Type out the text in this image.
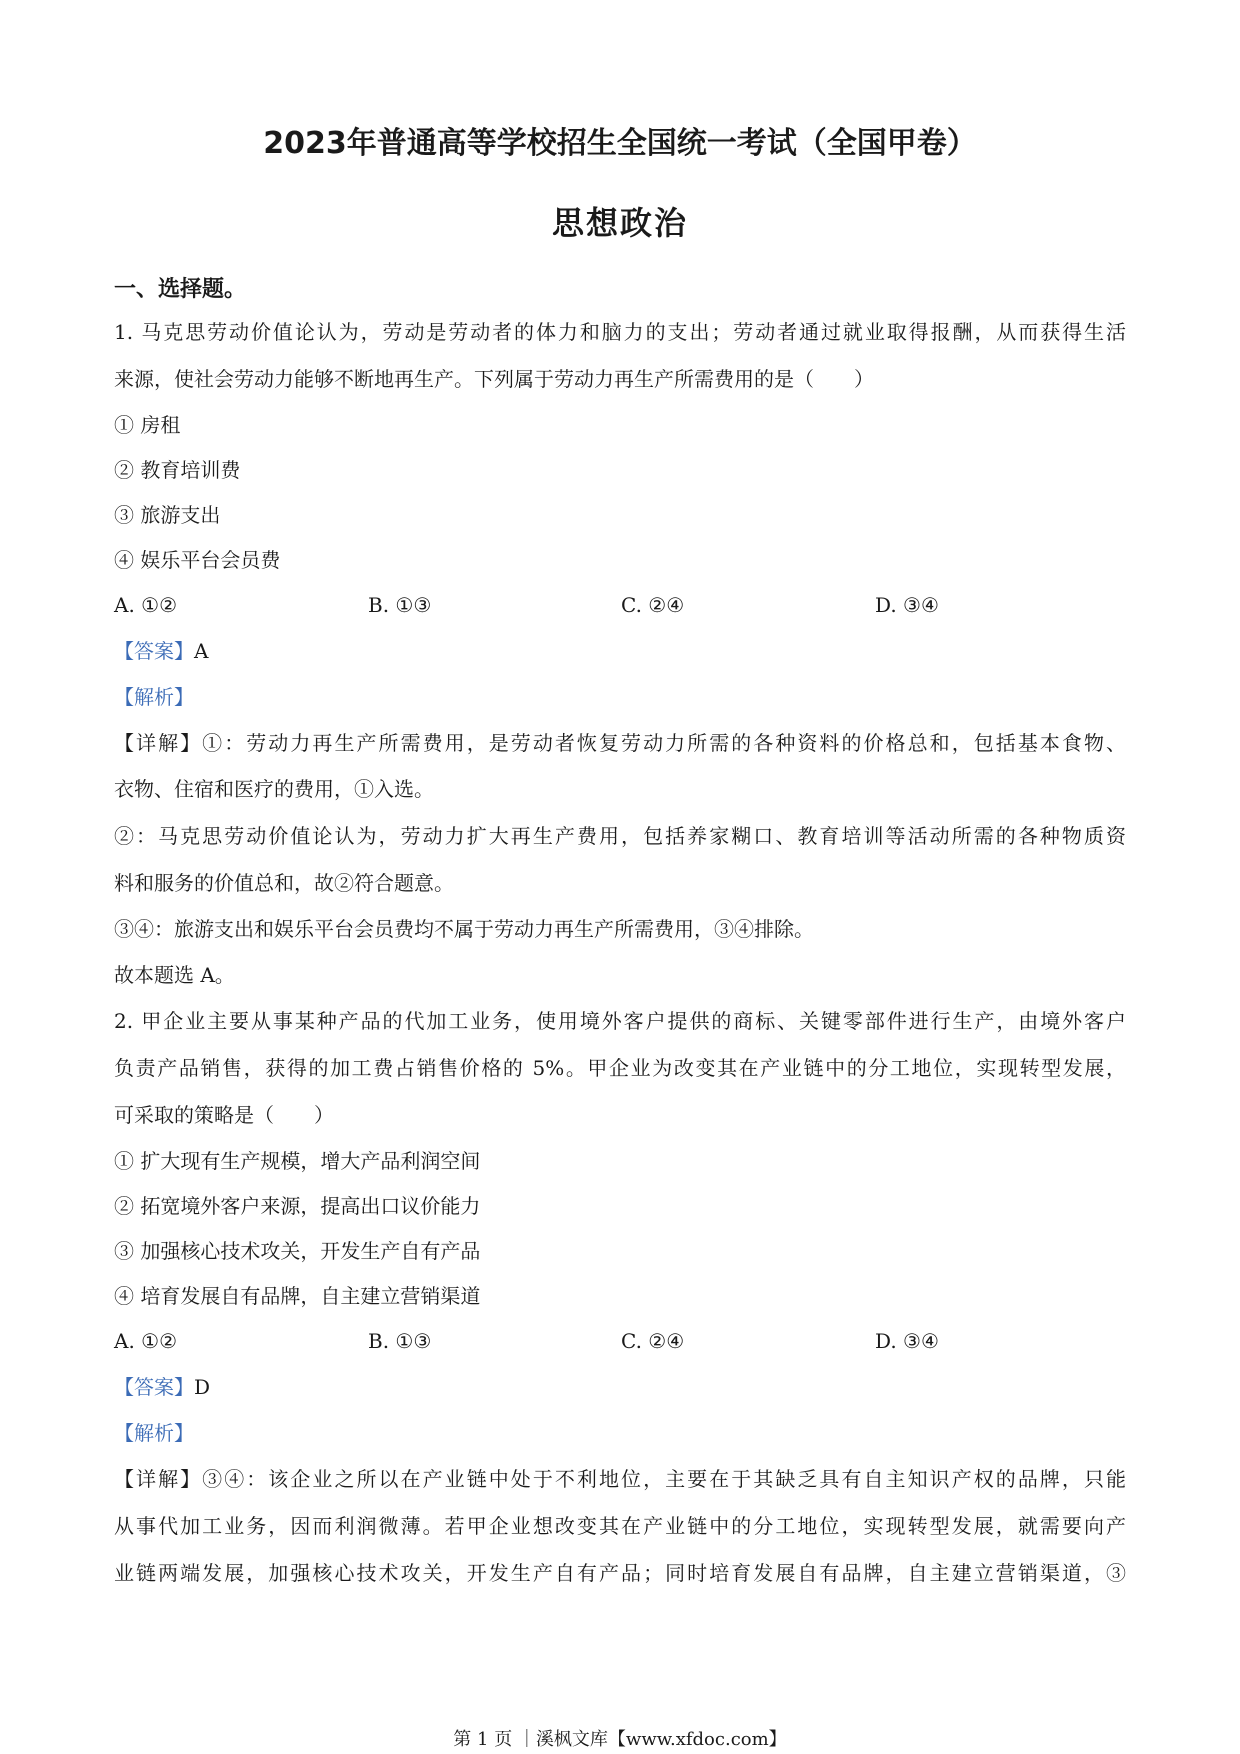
2023年普通高等学校招生全国统一考试（全国甲卷）
思想政治
一、选择题。
1. 马克思劳动价值论认为，劳动是劳动者的体力和脑力的支出；劳动者通过就业取得报酬，从而获得生活
来源，使社会劳动力能够不断地再生产。下列属于劳动力再生产所需费用的是（　　）
① 房租
② 教育培训费
③ 旅游支出
④ 娱乐平台会员费
A. ①②	B. ①③	C. ②④	D. ③④
【答案】A
【解析】
【详解】①：劳动力再生产所需费用，是劳动者恢复劳动力所需的各种资料的价格总和，包括基本食物、
衣物、住宿和医疗的费用，①入选。
②：马克思劳动价值论认为，劳动力扩大再生产费用，包括养家糊口、教育培训等活动所需的各种物质资
料和服务的价值总和，故②符合题意。
③④：旅游支出和娱乐平台会员费均不属于劳动力再生产所需费用，③④排除。
故本题选 A。
2. 甲企业主要从事某种产品的代加工业务，使用境外客户提供的商标、关键零部件进行生产，由境外客户
负责产品销售，获得的加工费占销售价格的 5%。甲企业为改变其在产业链中的分工地位，实现转型发展，
可采取的策略是（　　）
① 扩大现有生产规模，增大产品利润空间
② 拓宽境外客户来源，提高出口议价能力
③ 加强核心技术攻关，开发生产自有产品
④ 培育发展自有品牌，自主建立营销渠道
A. ①②	B. ①③	C. ②④	D. ③④
【答案】D
【解析】
【详解】③④：该企业之所以在产业链中处于不利地位，主要在于其缺乏具有自主知识产权的品牌，只能
从事代加工业务，因而利润微薄。若甲企业想改变其在产业链中的分工地位，实现转型发展，就需要向产
业链两端发展，加强核心技术攻关，开发生产自有产品；同时培育发展自有品牌，自主建立营销渠道，③
第 1 页 ｜溪枫文库【www.xfdoc.com】
